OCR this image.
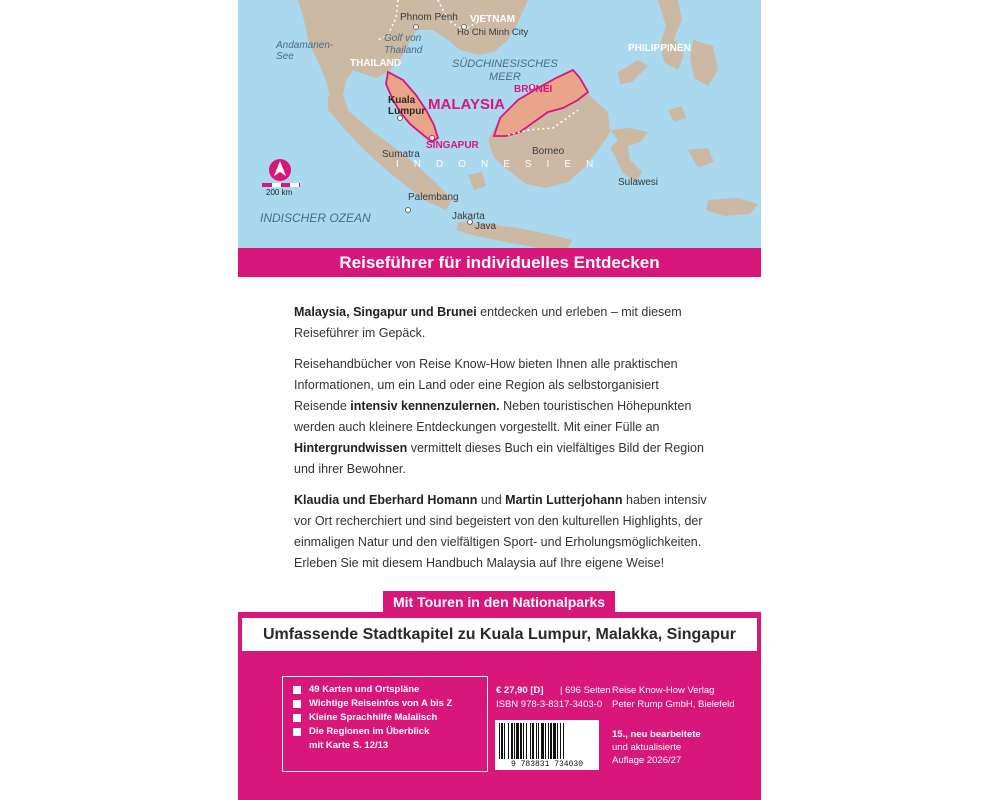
Phnom Penh VIETNAM
Ho Chi Minh City
Andamanen-
See
Golf von
Thailand
THAILAND	SÜDCHINESISCHES
MEER
PHILIPPINEN
BRUNEI
Kuala
Lumpur MALAYSIA
Sumatra
SINGAPUR
Borneo
INDONESIEN
Sulawesi
200 km	Palembang
INDISCHER OZEAN	Jakarta
Java
Reiseführer für individuelles Entdecken

Malaysia, Singapur und Brunei entdecken und erleben – mit diesem Reiseführer im Gepäck.

Reisehandbücher von Reise Know-How bieten Ihnen alle praktischen Informationen, um ein Land oder eine Region als selbstorganisiert Reisende intensiv kennenzulernen. Neben touristischen Höhepunkten werden auch kleinere Entdeckungen vorgestellt. Mit einer Fülle an Hintergrundwissen vermittelt dieses Buch ein vielfältiges Bild der Region und ihrer Bewohner.

Klaudia und Eberhard Homann und Martin Lutterjohann haben intensiv vor Ort recherchiert und sind begeistert von den kulturellen Highlights, der einmaligen Natur und den vielfältigen Sport- und Erholungsmöglichkeiten. Erleben Sie mit diesem Handbuch Malaysia auf Ihre eigene Weise!

Mit Touren in den Nationalparks
Umfassende Stadtkapitel zu Kuala Lumpur, Malakka, Singapur
49 Karten und Ortspläne
Wichtige Reiseinfos von A bis Z
Kleine Sprachhilfe Malaiisch
Die Regionen im Überblick
mit Karte S. 12/13
€ 27,90 [D] | 696 Seiten
ISBN 978-3-8317-3403-0
Reise Know-How Verlag
Peter Rump GmbH, Bielefeld
15., neu bearbeitete
und aktualisierte
Auflage 2026/27
9 783831 734030
